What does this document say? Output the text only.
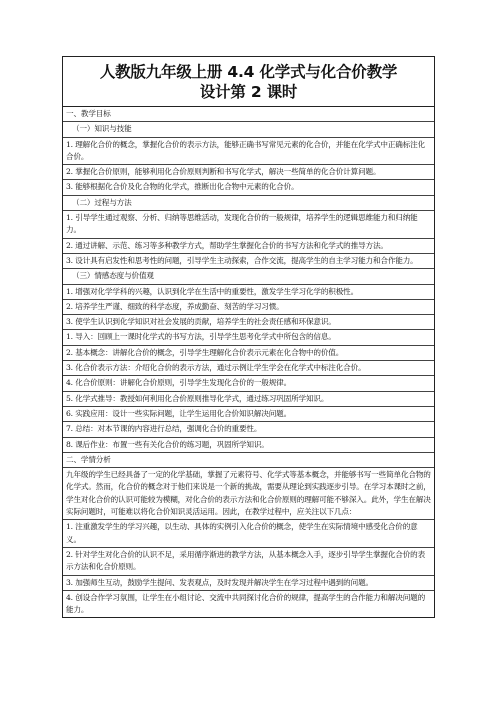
人教版九年级上册 4.4 化学式与化合价教学
设计第 2 课时
一、教学目标
（一）知识与技能
1. 理解化合价的概念，掌握化合价的表示方法，能够正确书写常见元素的化合价，并能在化学式中正确标注化合价。
2. 掌握化合价原则，能够利用化合价原则判断和书写化学式，解决一些简单的化合价计算问题。
3. 能够根据化合价及化合物的化学式，推断出化合物中元素的化合价。
（二）过程与方法
1. 引导学生通过观察、分析、归纳等思维活动，发现化合价的一般规律，培养学生的逻辑思维能力和归纳能力。
2. 通过讲解、示范、练习等多种教学方式，帮助学生掌握化合价的书写方法和化学式的推导方法。
3. 设计具有启发性和思考性的问题，引导学生主动探索，合作交流，提高学生的自主学习能力和合作能力。
（三）情感态度与价值观
1. 增强对化学学科的兴趣，认识到化学在生活中的重要性，激发学生学习化学的积极性。
2. 培养学生严谨、细致的科学态度，养成勤奋、刻苦的学习习惯。
3. 使学生认识到化学知识对社会发展的贡献，培养学生的社会责任感和环保意识。
1. 导入：回顾上一课时化学式的书写方法，引导学生思考化学式中所包含的信息。
2. 基本概念：讲解化合价的概念，引导学生理解化合价表示元素在化合物中的价值。
3. 化合价表示方法：介绍化合价的表示方法，通过示例让学生学会在化学式中标注化合价。
4. 化合价原则：讲解化合价原则，引导学生发现化合价的一般规律。
5. 化学式推导：教授如何利用化合价原则推导化学式，通过练习巩固所学知识。
6. 实践应用：设计一些实际问题，让学生运用化合价知识解决问题。
7. 总结：对本节课的内容进行总结，强调化合价的重要性。
8. 课后作业：布置一些有关化合价的练习题，巩固所学知识。
二、学情分析
九年级的学生已经具备了一定的化学基础，掌握了元素符号、化学式等基本概念，并能够书写一些简单化合物的化学式。然而，化合价的概念对于他们来说是一个新的挑战，需要从理论到实践逐步引导。在学习本课时之前，学生对化合价的认识可能较为模糊，对化合价的表示方法和化合价原则的理解可能不够深入。此外，学生在解决实际问题时，可能难以将化合价知识灵活运用。因此，在教学过程中，应关注以下几点：
1. 注重激发学生的学习兴趣，以生动、具体的实例引入化合价的概念，使学生在实际情境中感受化合价的意义。
2. 针对学生对化合价的认识不足，采用循序渐进的教学方法，从基本概念入手，逐步引导学生掌握化合价的表示方法和化合价原则。
3. 加强师生互动，鼓励学生提问、发表观点，及时发现并解决学生在学习过程中遇到的问题。
4. 创设合作学习氛围，让学生在小组讨论、交流中共同探讨化合价的规律，提高学生的合作能力和解决问题的能力。
